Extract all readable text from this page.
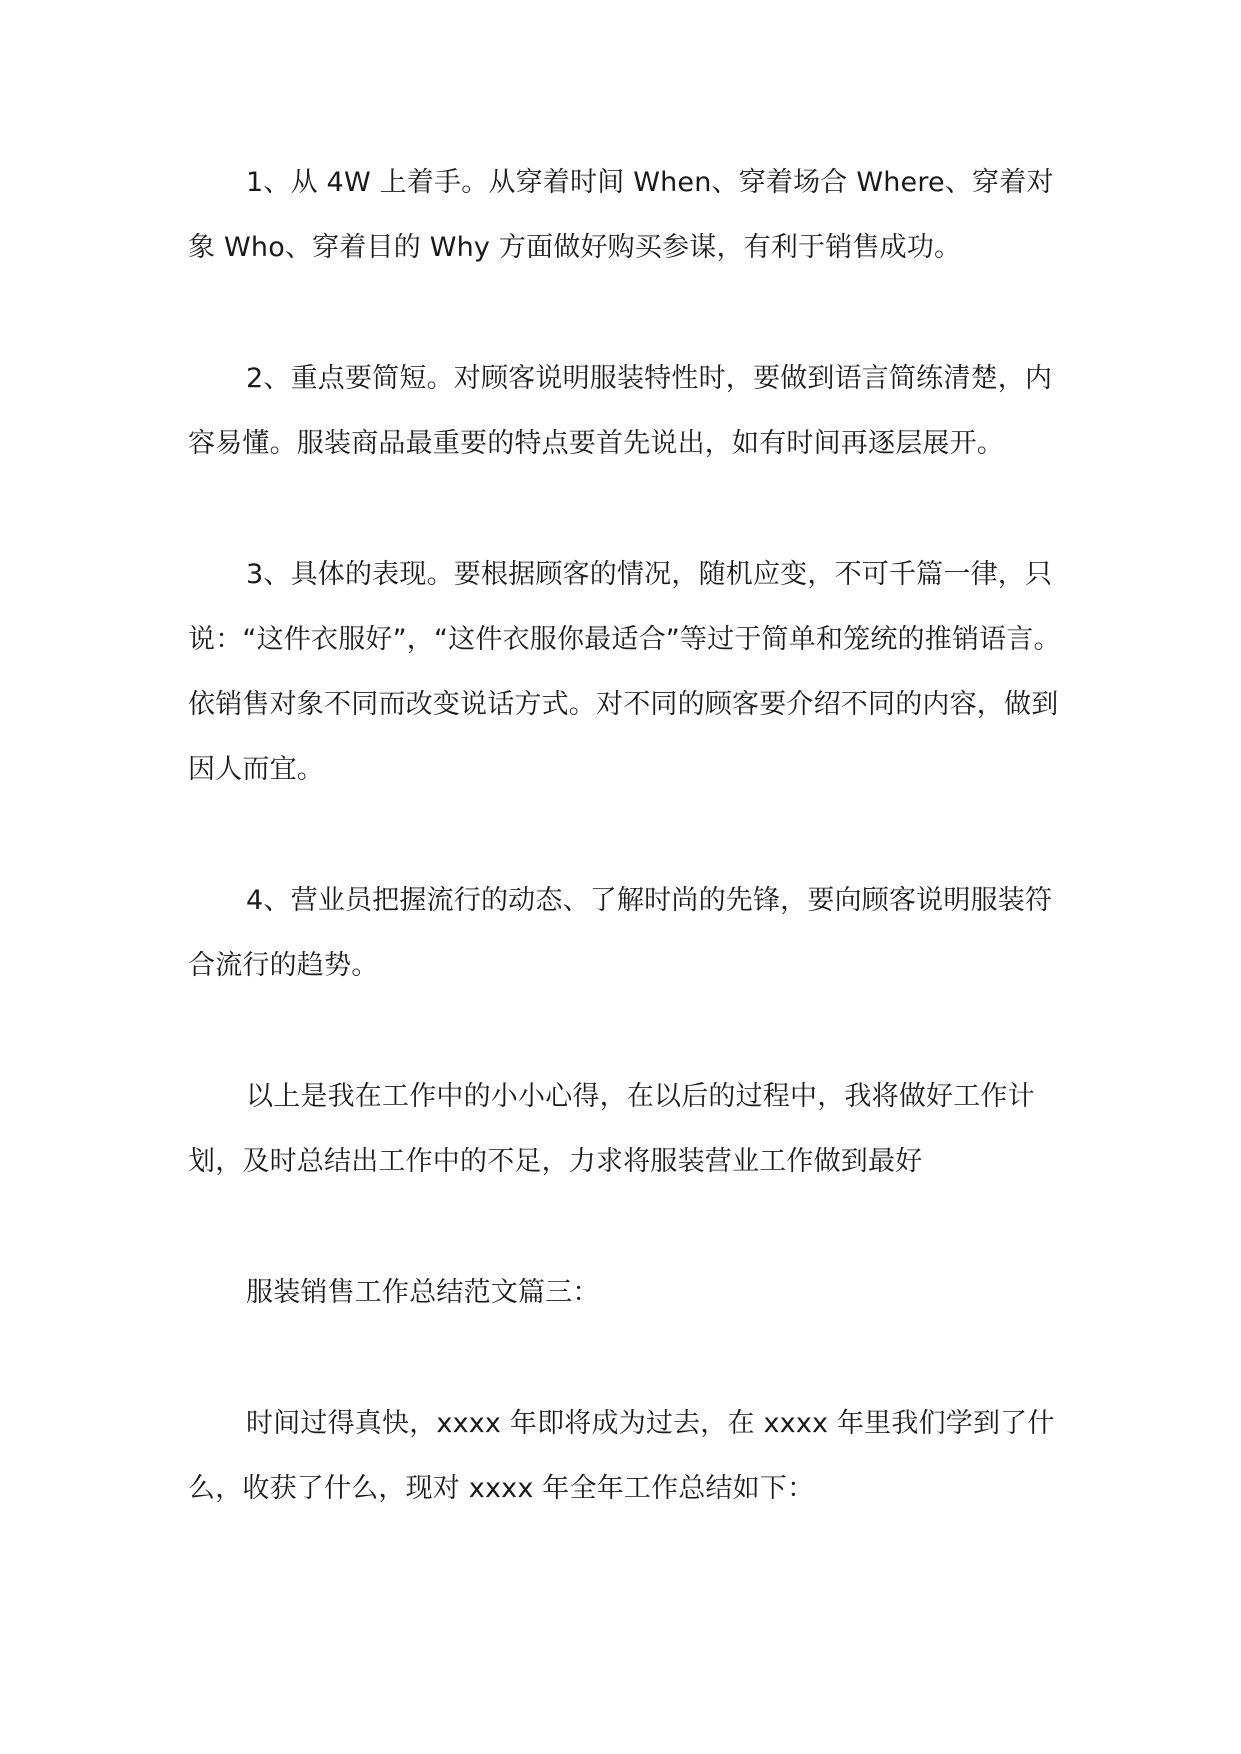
1、从 4W 上着手。从穿着时间 When、穿着场合 Where、穿着对象 Who、穿着目的 Why 方面做好购买参谋，有利于销售成功。

2、重点要简短。对顾客说明服装特性时，要做到语言简练清楚，内容易懂。服装商品最重要的特点要首先说出，如有时间再逐层展开。

3、具体的表现。要根据顾客的情况，随机应变，不可千篇一律，只说：“这件衣服好”，“这件衣服你最适合”等过于简单和笼统的推销语言。依销售对象不同而改变说话方式。对不同的顾客要介绍不同的内容，做到因人而宜。

4、营业员把握流行的动态、了解时尚的先锋，要向顾客说明服装符合流行的趋势。

以上是我在工作中的小小心得，在以后的过程中，我将做好工作计划，及时总结出工作中的不足，力求将服装营业工作做到最好

服装销售工作总结范文篇三：

时间过得真快，xxxx 年即将成为过去，在 xxxx 年里我们学到了什么，收获了什么，现对 xxxx 年全年工作总结如下：
